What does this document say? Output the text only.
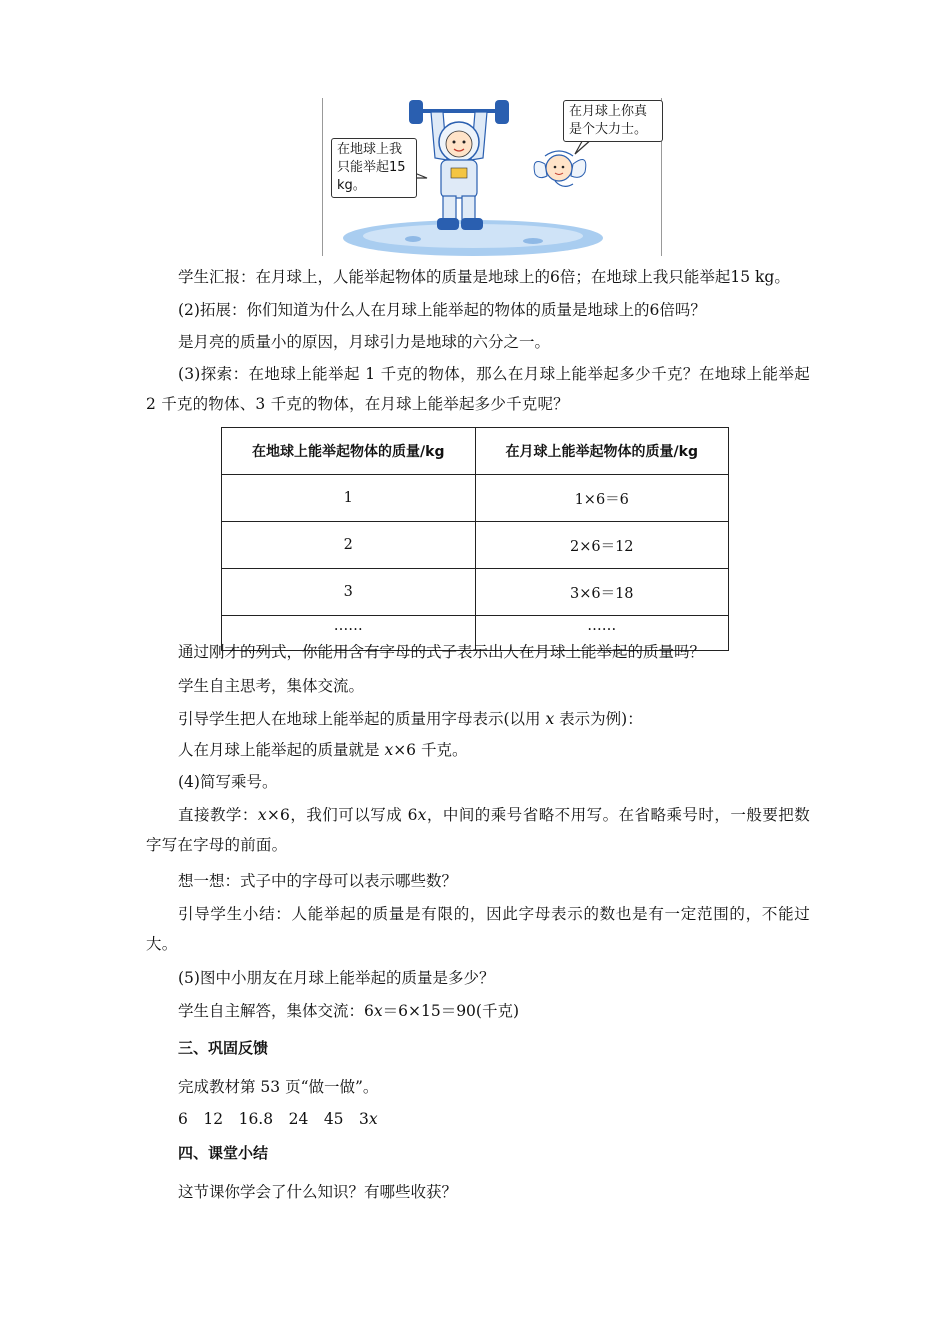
在地球上我只能举起15 kg。
在月球上你真是个大力士。
学生汇报：在月球上，人能举起物体的质量是地球上的6倍；在地球上我只能举起15 kg。
(2)拓展：你们知道为什么人在月球上能举起的物体的质量是地球上的6倍吗？
是月亮的质量小的原因，月球引力是地球的六分之一。
(3)探索：在地球上能举起 1 千克的物体，那么在月球上能举起多少千克？在地球上能举起 2 千克的物体、3 千克的物体，在月球上能举起多少千克呢？
在地球上能举起物体的质量/kg	在月球上能举起物体的质量/kg
1	1×6＝6
2	2×6＝12
3	3×6＝18
……	……
通过刚才的列式，你能用含有字母的式子表示出人在月球上能举起的质量吗？
学生自主思考，集体交流。
引导学生把人在地球上能举起的质量用字母表示(以用 x 表示为例)：
人在月球上能举起的质量就是 x×6 千克。
(4)简写乘号。
直接教学：x×6，我们可以写成 6x，中间的乘号省略不用写。在省略乘号时，一般要把数字写在字母的前面。
想一想：式子中的字母可以表示哪些数？
引导学生小结：人能举起的质量是有限的，因此字母表示的数也是有一定范围的，不能过大。
(5)图中小朋友在月球上能举起的质量是多少？
学生自主解答，集体交流：6x＝6×15＝90(千克)
三、巩固反馈
完成教材第 53 页“做一做”。
6　12　16.8　24　45　3x
四、课堂小结
这节课你学会了什么知识？有哪些收获？
